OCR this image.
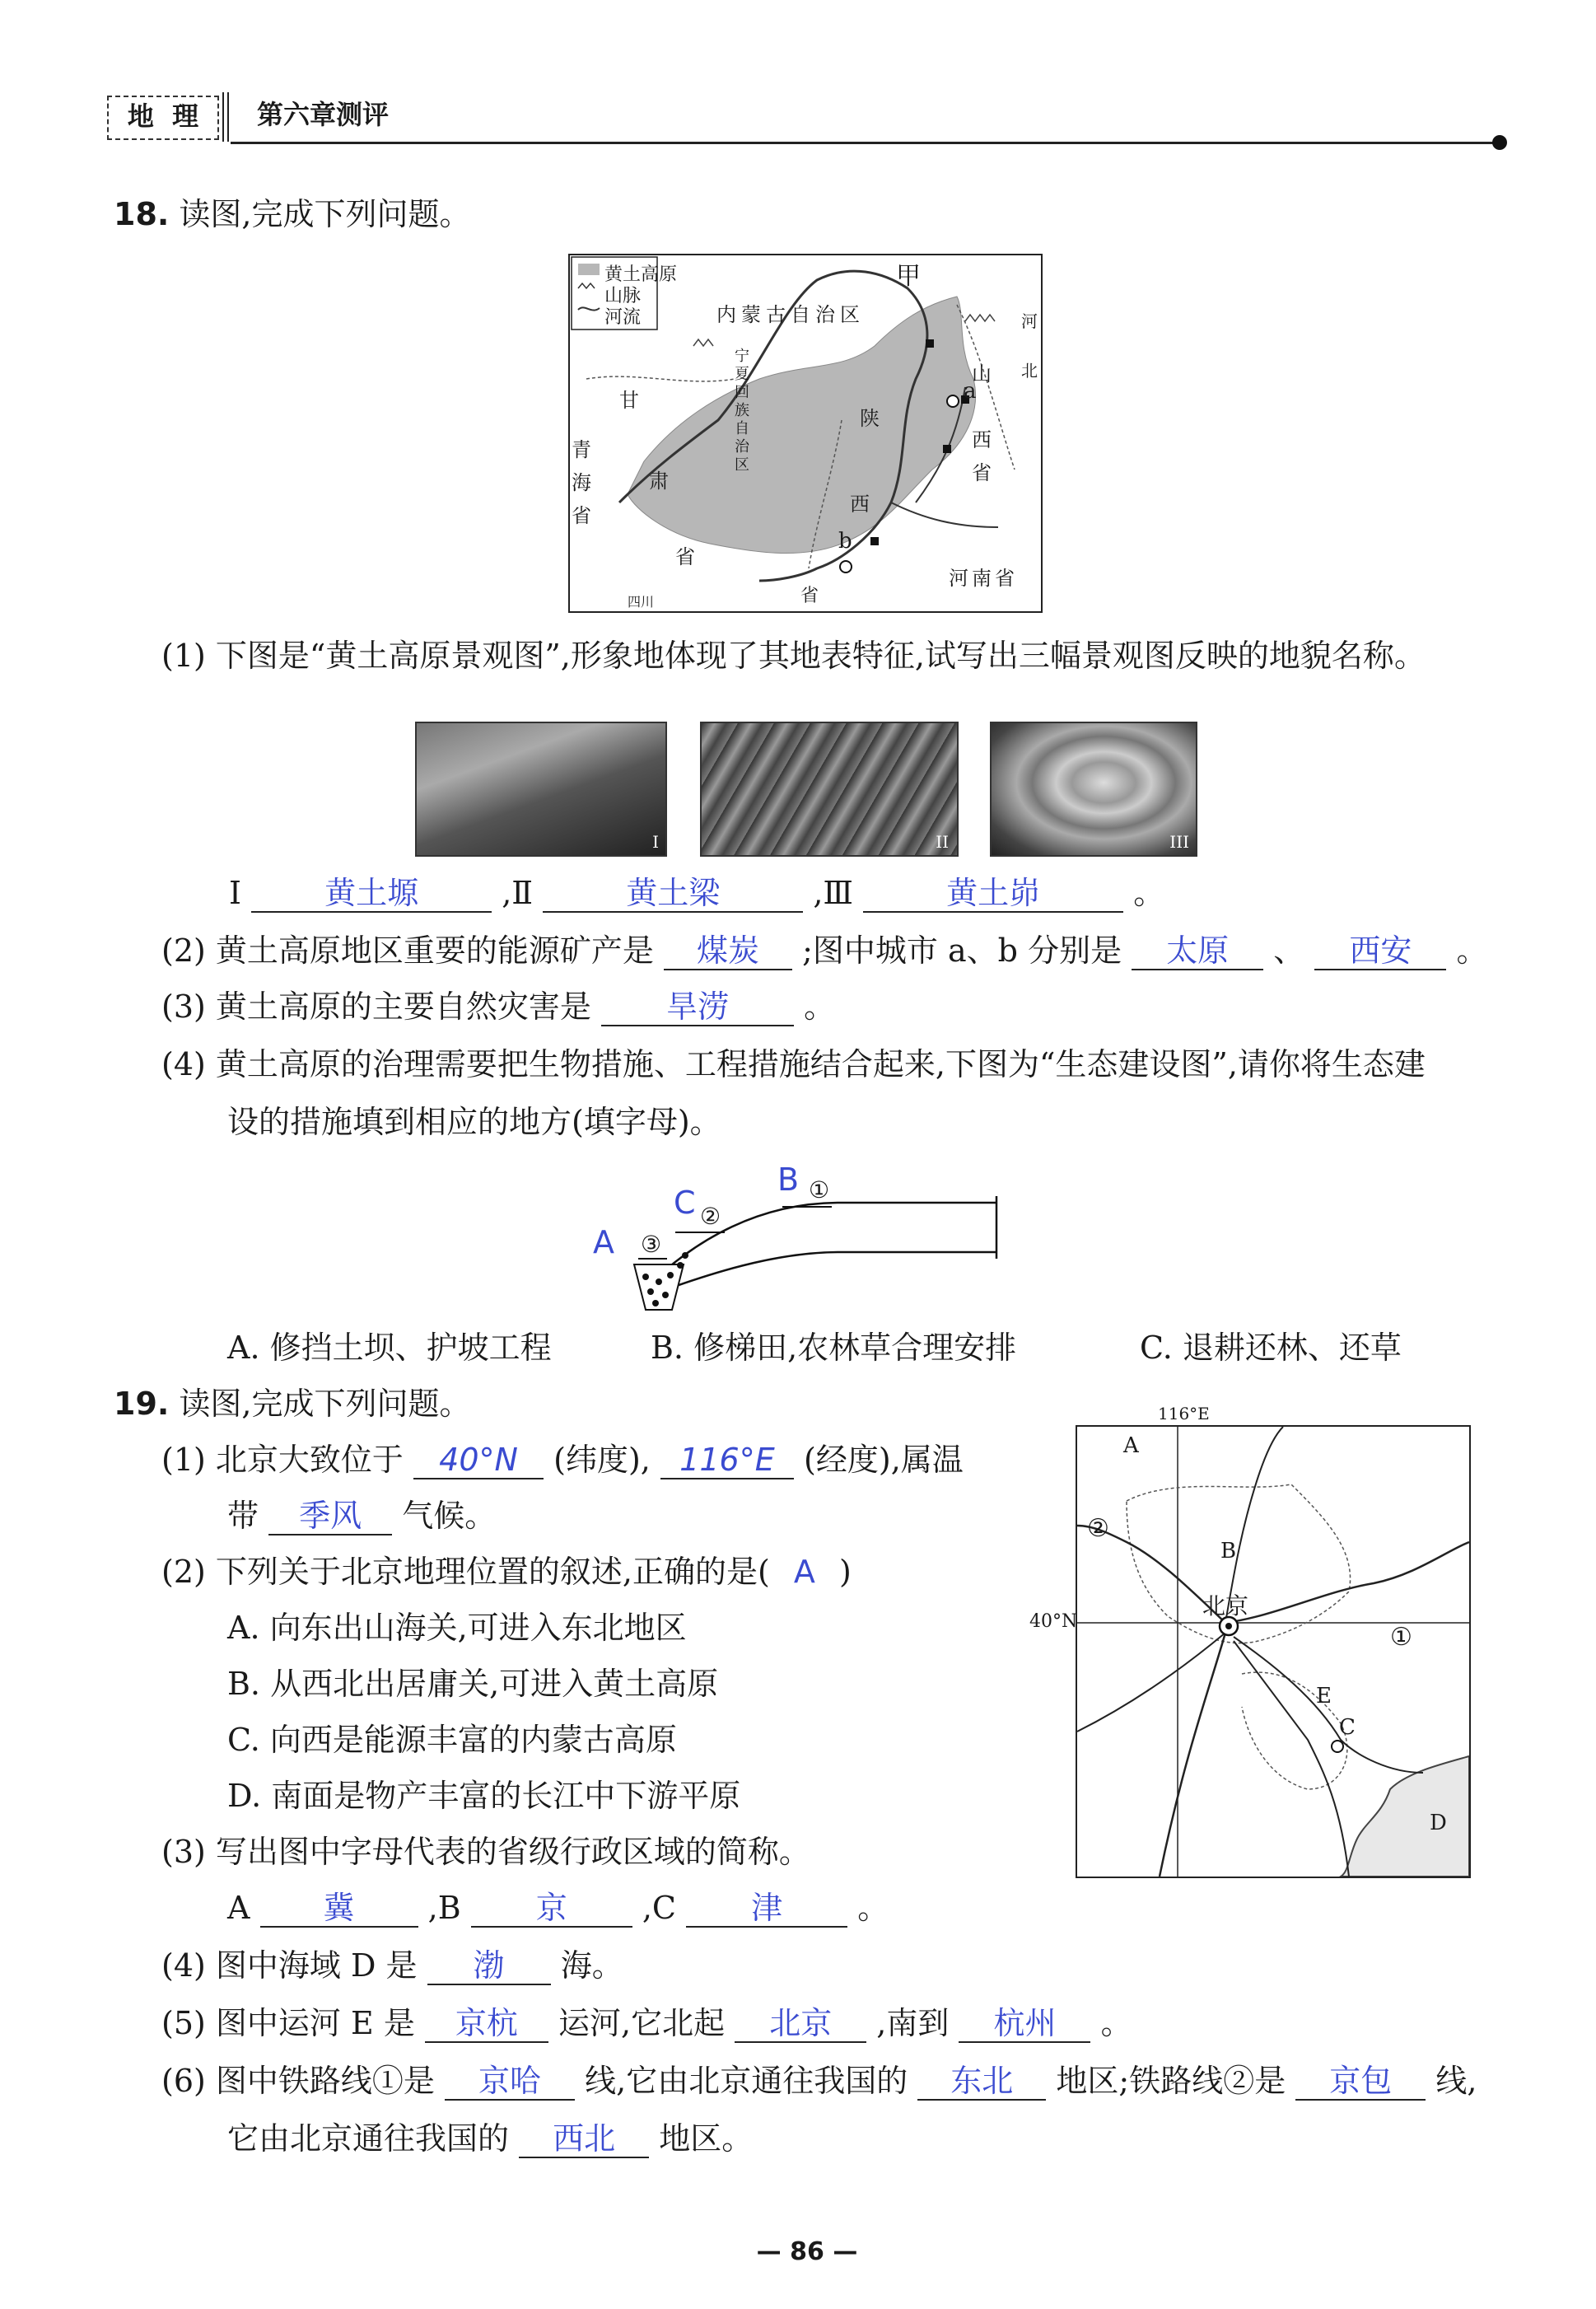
地 理	第六章测评
18. 读图,完成下列问题。
黄土高原
山脉
河流
甲
内蒙古自治区
甘
肃
青海省
宁夏回族自治区
陕
西
省
山
西
省
河北
河南省
a
b
省
四川
(1) 下图是“黄土高原景观图”,形象地体现了其地表特征,试写出三幅景观图反映的地貌名称。
I	II	III
Ⅰ	黄土塬	,Ⅱ	黄土梁	,Ⅲ	黄土峁	。
(2) 黄土高原地区重要的能源矿产是 煤炭 ;图中城市 a、b 分别是 太原 、 西安 。
(3) 黄土高原的主要自然灾害是 旱涝 。
(4) 黄土高原的治理需要把生物措施、工程措施结合起来,下图为“生态建设图”,请你将生态建
设的措施填到相应的地方(填字母)。
A ③
C ②
B ①
A. 修挡土坝、护坡工程	B. 修梯田,农林草合理安排	C. 退耕还林、还草
19. 读图,完成下列问题。	116°E
40°N
A
②
B
北京
①
E
C
D
(1) 北京大致位于 40°N (纬度), 116°E (经度),属温
带 季风 气候。
(2) 下列关于北京地理位置的叙述,正确的是( A )
A. 向东出山海关,可进入东北地区
B. 从西北出居庸关,可进入黄土高原
C. 向西是能源丰富的内蒙古高原
D. 南面是物产丰富的长江中下游平原
(3) 写出图中字母代表的省级行政区域的简称。
A 冀 ,B 京 ,C 津 。
(4) 图中海域 D 是 渤 海。
(5) 图中运河 E 是 京杭 运河,它北起 北京 ,南到 杭州 。
(6) 图中铁路线①是 京哈 线,它由北京通往我国的 东北 地区;铁路线②是 京包 线,
它由北京通往我国的 西北 地区。
— 86 —
